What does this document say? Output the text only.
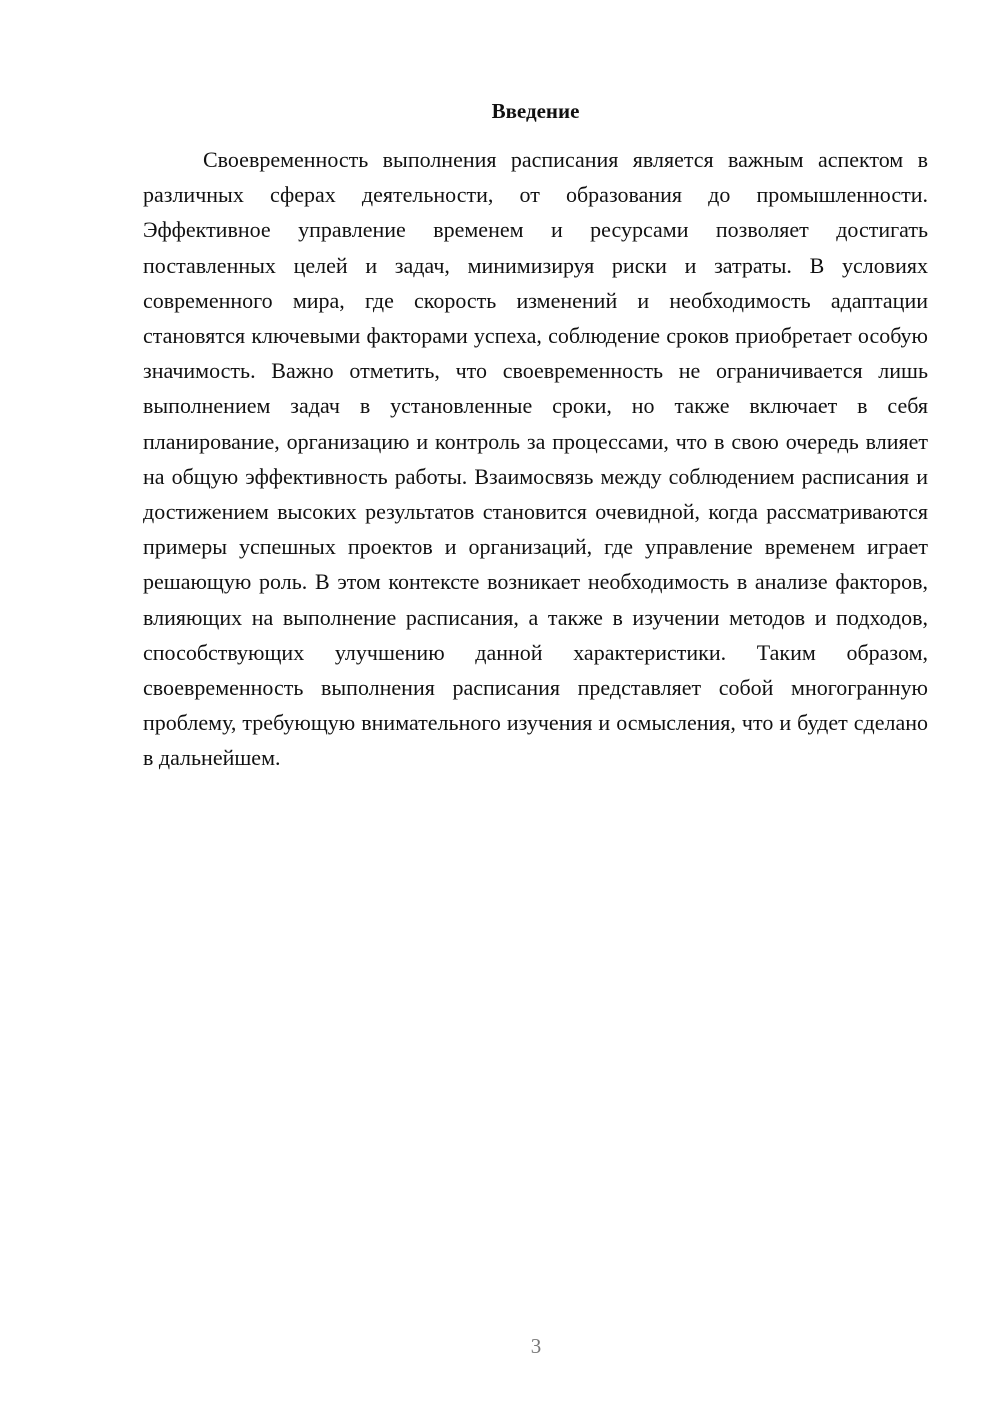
Введение

Своевременность выполнения расписания является важным аспектом в различных сферах деятельности, от образования до промышленности. Эффективное управление временем и ресурсами позволяет достигать поставленных целей и задач, минимизируя риски и затраты. В условиях современного мира, где скорость изменений и необходимость адаптации становятся ключевыми факторами успеха, соблюдение сроков приобретает особую значимость. Важно отметить, что своевременность не ограничивается лишь выполнением задач в установленные сроки, но также включает в себя планирование, организацию и контроль за процессами, что в свою очередь влияет на общую эффективность работы. Взаимосвязь между соблюдением расписания и достижением высоких результатов становится очевидной, когда рассматриваются примеры успешных проектов и организаций, где управление временем играет решающую роль. В этом контексте возникает необходимость в анализе факторов, влияющих на выполнение расписания, а также в изучении методов и подходов, способствующих улучшению данной характеристики. Таким образом, своевременность выполнения расписания представляет собой многогранную проблему, требующую внимательного изучения и осмысления, что и будет сделано в дальнейшем.

3
